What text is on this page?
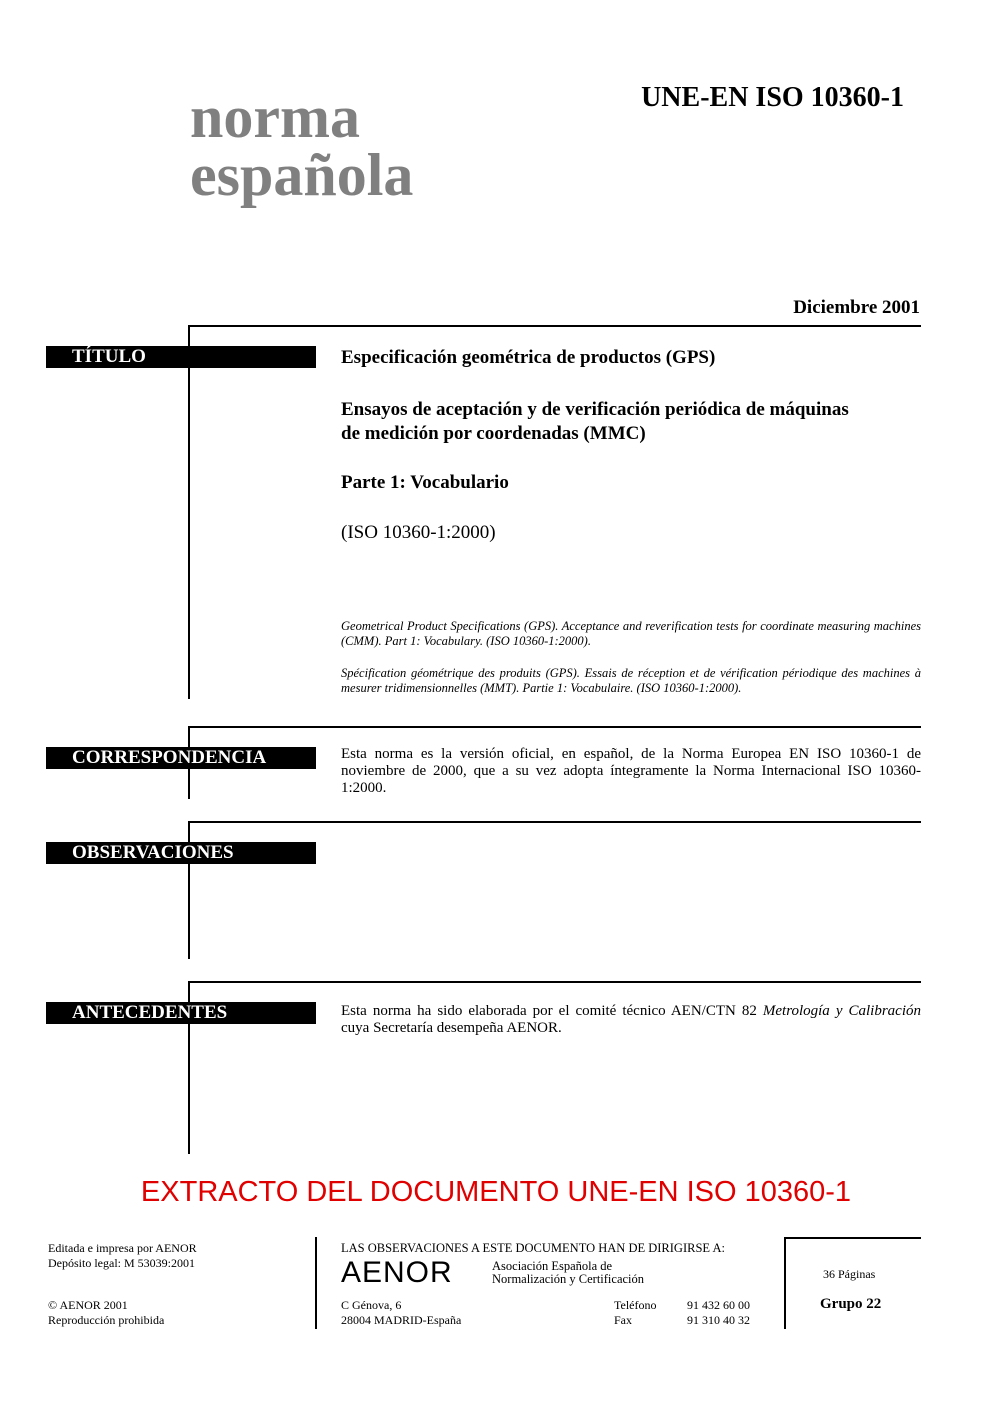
norma
española
UNE-EN ISO 10360-1
Diciembre 2001
TÍTULO	Especificación geométrica de productos (GPS)
Ensayos de aceptación y de verificación periódica de máquinas
de medición por coordenadas (MMC)
Parte 1: Vocabulario
(ISO 10360-1:2000)
Geometrical Product Specifications (GPS). Acceptance and reverification tests for coordinate measuring machines (CMM). Part 1: Vocabulary. (ISO 10360-1:2000).
Spécification géométrique des produits (GPS). Essais de réception et de vérification périodique des machines à mesurer tridimensionnelles (MMT). Partie 1: Vocabulaire. (ISO 10360-1:2000).
CORRESPONDENCIA	Esta norma es la versión oficial, en español, de la Norma Europea EN ISO 10360-1 de noviembre de 2000, que a su vez adopta íntegramente la Norma Internacional ISO 10360-1:2000.
OBSERVACIONES
ANTECEDENTES	Esta norma ha sido elaborada por el comité técnico AEN/CTN 82 Metrología y Calibración cuya Secretaría desempeña AENOR.
EXTRACTO DEL DOCUMENTO UNE-EN ISO 10360-1
Editada e impresa por AENOR
Depósito legal: M 53039:2001
© AENOR 2001
Reproducción prohibida
LAS OBSERVACIONES A ESTE DOCUMENTO HAN DE DIRIGIRSE A:
AENOR	Asociación Española de
Normalización y Certificación
C Génova, 6
28004 MADRID-España
Teléfono	91 432 60 00
Fax	91 310 40 32
36 Páginas
Grupo 22
